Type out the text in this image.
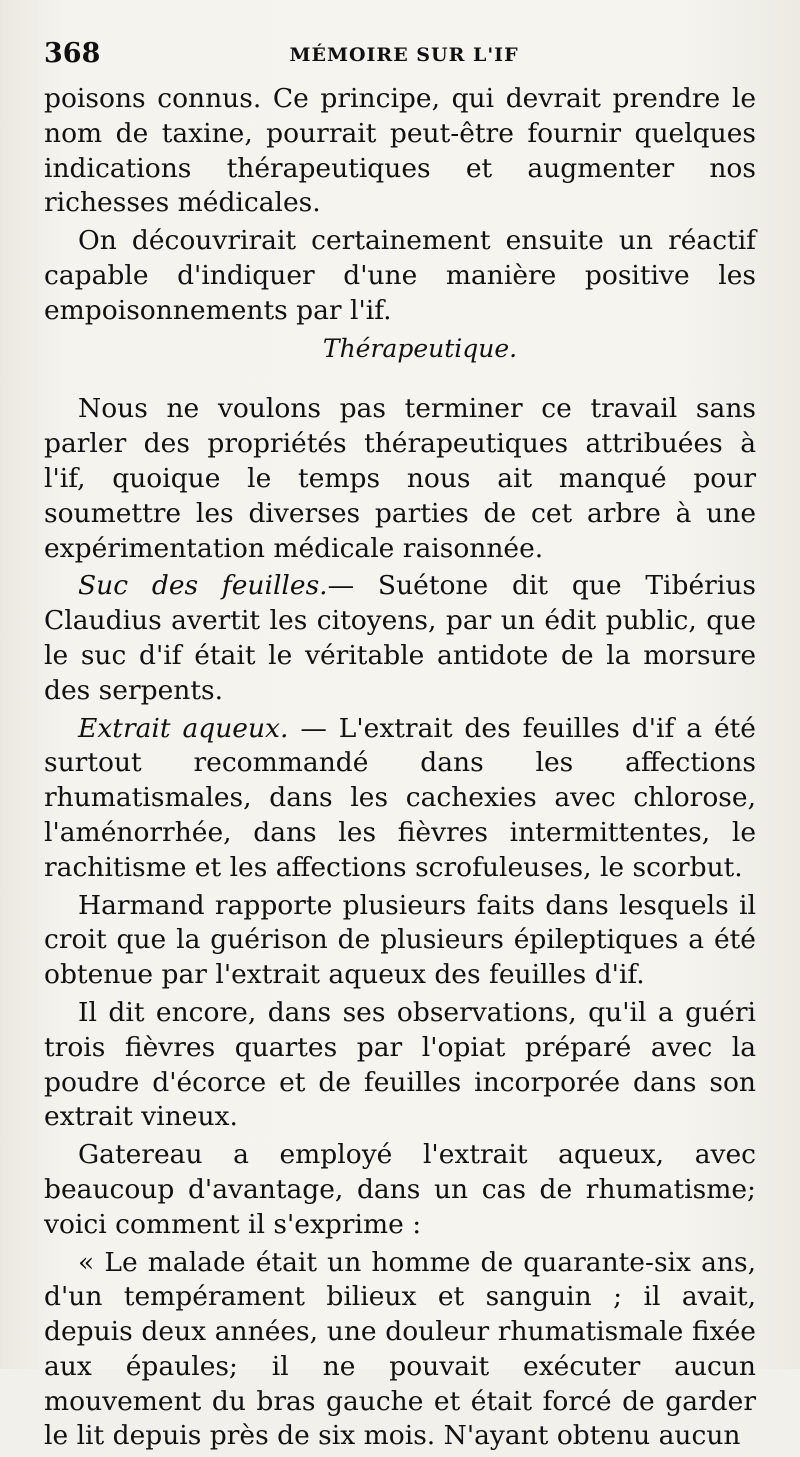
368	MÉMOIRE SUR L'IF

poisons connus. Ce principe, qui devrait prendre le nom de taxine, pourrait peut-être fournir quelques indications thérapeutiques et augmenter nos richesses médicales.

On découvrirait certainement ensuite un réactif capable d'indiquer d'une manière positive les empoisonnements par l'if.

Thérapeutique.

Nous ne voulons pas terminer ce travail sans parler des propriétés thérapeutiques attribuées à l'if, quoique le temps nous ait manqué pour soumettre les diverses parties de cet arbre à une expérimentation médicale raisonnée.

Suc des feuilles.— Suétone dit que Tibérius Claudius avertit les citoyens, par un édit public, que le suc d'if était le véritable antidote de la morsure des serpents.

Extrait aqueux. — L'extrait des feuilles d'if a été surtout recommandé dans les affections rhumatismales, dans les cachexies avec chlorose, l'aménorrhée, dans les fièvres intermittentes, le rachitisme et les affections scrofuleuses, le scorbut.

Harmand rapporte plusieurs faits dans lesquels il croit que la guérison de plusieurs épileptiques a été obtenue par l'extrait aqueux des feuilles d'if.

Il dit encore, dans ses observations, qu'il a guéri trois fièvres quartes par l'opiat préparé avec la poudre d'écorce et de feuilles incorporée dans son extrait vineux.

Gatereau a employé l'extrait aqueux, avec beaucoup d'avantage, dans un cas de rhumatisme; voici comment il s'exprime :

« Le malade était un homme de quarante-six ans, d'un tempérament bilieux et sanguin ; il avait, depuis deux années, une douleur rhumatismale fixée aux épaules; il ne pouvait exécuter aucun mouvement du bras gauche et était forcé de garder le lit depuis près de six mois. N'ayant obtenu aucun
